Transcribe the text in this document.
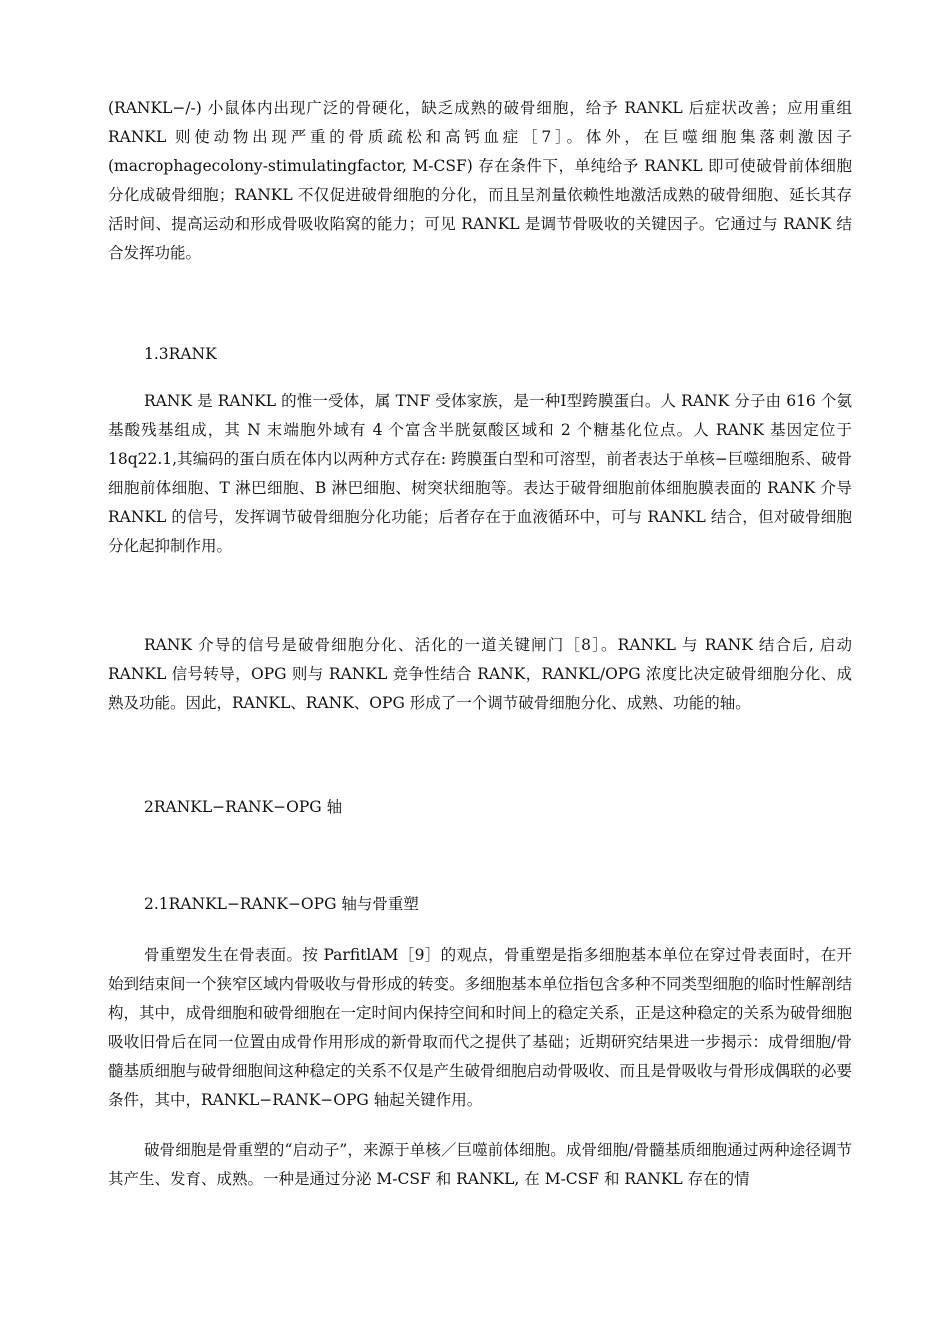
(RANKL−/-) 小鼠体内出现广泛的骨硬化，缺乏成熟的破骨细胞，给予 RANKL 后症状改善；应用重组 RANKL 则使动物出现严重的骨质疏松和高钙血症［7］。体外，在巨噬细胞集落刺激因子(macrophagecolony-stimulatingfactor, M-CSF) 存在条件下，单纯给予 RANKL 即可使破骨前体细胞分化成破骨细胞；RANKL 不仅促进破骨细胞的分化，而且呈剂量依赖性地激活成熟的破骨细胞、延长其存活时间、提高运动和形成骨吸收陷窝的能力；可见 RANKL 是调节骨吸收的关键因子。它通过与 RANK 结合发挥功能。

1.3RANK

RANK 是 RANKL 的惟一受体，属 TNF 受体家族，是一种Ⅰ型跨膜蛋白。人 RANK 分子由 616 个氨基酸残基组成，其 N 末端胞外域有 4 个富含半胱氨酸区域和 2 个糖基化位点。人 RANK 基因定位于 18q22.1,其编码的蛋白质在体内以两种方式存在: 跨膜蛋白型和可溶型，前者表达于单核−巨噬细胞系、破骨细胞前体细胞、T 淋巴细胞、B 淋巴细胞、树突状细胞等。表达于破骨细胞前体细胞膜表面的 RANK 介导 RANKL 的信号，发挥调节破骨细胞分化功能；后者存在于血液循环中，可与 RANKL 结合，但对破骨细胞分化起抑制作用。

RANK 介导的信号是破骨细胞分化、活化的一道关键闸门［8］。RANKL 与 RANK 结合后, 启动 RANKL 信号转导，OPG 则与 RANKL 竞争性结合 RANK，RANKL/OPG 浓度比决定破骨细胞分化、成熟及功能。因此，RANKL、RANK、OPG 形成了一个调节破骨细胞分化、成熟、功能的轴。

2RANKL−RANK−OPG 轴

2.1RANKL−RANK−OPG 轴与骨重塑

骨重塑发生在骨表面。按 ParfitlAM［9］的观点，骨重塑是指多细胞基本单位在穿过骨表面时，在开始到结束间一个狭窄区域内骨吸收与骨形成的转变。多细胞基本单位指包含多种不同类型细胞的临时性解剖结构，其中，成骨细胞和破骨细胞在一定时间内保持空间和时间上的稳定关系，正是这种稳定的关系为破骨细胞吸收旧骨后在同一位置由成骨作用形成的新骨取而代之提供了基础；近期研究结果进一步揭示：成骨细胞/骨髓基质细胞与破骨细胞间这种稳定的关系不仅是产生破骨细胞启动骨吸收、而且是骨吸收与骨形成偶联的必要条件，其中，RANKL−RANK−OPG 轴起关键作用。

破骨细胞是骨重塑的“启动子”，来源于单核／巨噬前体细胞。成骨细胞/骨髓基质细胞通过两种途径调节其产生、发育、成熟。一种是通过分泌 M-CSF 和 RANKL, 在 M-CSF 和 RANKL 存在的情
